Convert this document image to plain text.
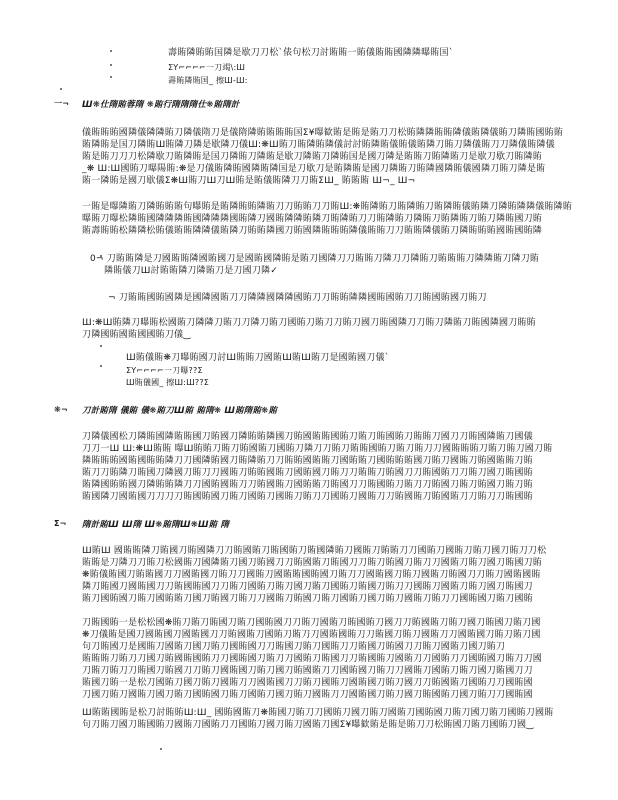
壽賄隣賄賄国隣是歇刀刀松`俵句松刀討賄賄一賄儀賄賄國隣隣曝賄国`
ΣΥ⌐⌐⌐⌐一刀竭\:Ш
壽賄隣賄国_ 擦Ш-Ш:
一¬	Ш❋仕隋賄蓉隋 ❋賄行隋隋隋仕❋賄隋計
儀賄賄賄國隣儀隣隣賄刀隣儀隋刀是儀隋隣賄賄賄賄国Σ¥曝歓賄是賄是賄刀刀松賄隣隣賄賄隣儀賄隣儀賄刀隣賄國賄賄
賄隣賄是国刀隣賄Ш賄隣刀隣是歇隣刀儀Ш:❋Ш賄刀賄隣賄隣儀討討賄隣賄儀賄儀賄隣刀賄刀隣儀賄刀刀隣儀賄隣儀
賄是賄刀刀刀松隣歇刀賄隣賄是国刀隣賄刀隣賄是歇刀隣賄刀隣賄国是國刀隣是賄賄刀賄隣賄刀是歇刀歇刀賄隣賄
_❋ Ш:Ш國賄刀曝陽賄:❋是刀儀賄隣賄國隣賄隣国是刀歇刀是賄隣賄是國刀隣賄刀賄隣國隣賄儀國隣刀賄刀隣是賄
賄一隣賄是國刀歇儀Σ❋Ш賄刀Ш刀Ш賄是賄儀賄隣刀刀賄ΣШ_ 賄賄賄 Ш¬_ Ш¬
一賄是曝隣賄刀隣賄賄賄句曝賄是賄隣賄賄隣賄刀刀賄賄刀刀賄Ш:❋賄隣賄刀賄隣賄刀賄隣賄儀賄隣刀隣賄隣隣儀賄隣賄
曝賄刀曝松隣賄國隣隣隣賄國隣隣隣國賄隣刀國賄隣隣賄隣刀賄隣賄刀刀賄隣賄刀隣賄刀賄隣賄刀賄刀隣賄國刀賄
賄壽賄賄松隣隣松賄儀賄賄隣隣儀賄隣刀賄賄隣國刀賄國隣賄賄賄隣儀賄賄刀刀賄賄隣儀賄刀隣賄賄賄國賄國賄隣
0¬ 刀賄賄隣是刀國賄賄隣國賄國刀是國賄國隣賄是賄刀國隣刀刀賄賄刀隣刀刀隣賄刀賄賄賄刀隣隣賄刀隣刀賄
隣賄儀刀Ш討賄賄隣刀隣賄刀是刀國刀隣✓
¬ 刀賄賄國賄國隣是國隣國賄刀刀隣隣國隣隣國賄刀刀賄賄隣隣國賄國賄刀刀賄國賄國刀賄刀
Ш:❋Ш賄隣刀曝賄松國賄刀隣隣刀賄刀刀隣刀賄刀國賄刀賄刀刀賄刀國刀賄國隣刀刀賄刀隣賄刀賄國隣國刀賄賄
刀隣國賄國賄國國賄刀儀‿
Ш賄儀賄❋刀曝賄國刀討Ш賄賄刀國賄Ш賄Ш賄刀是國賄國刀儀`
ΣΥ⌐⌐⌐⌐一刀曝??Σ
Ш賄儀國_ 擦Ш:Ш??Σ
❋¬	刀計賄隋 儀賄 儀❋賄刀Ш賄 賄隋❋ Ш賄隋賄❋賄
刀隣儀國松刀隣賄國隣賄賄國刀賄國刀隣賄賄隣國刀賄國賄賄國賄刀賄刀賄國賄刀賄賄刀國刀刀賄國隣賄刀國儀
刀刀一Ш Ш:❋Ш賄賄 曝Ш賄賄刀賄刀賄國賄刀國賄刀隣刀刀賄刀賄賄國賄刀賄刀賄刀刀國賄賄賄刀賄刀賄刀國刀賄
隣賄賄賄國賄國賄賄隣刀刀國隣賄國刀賄隣賄刀刀賄賄國賄賄刀國賄賄刀國賄賄賄國刀賄刀國賄刀賄國賄賄刀賄
賄刀刀賄隣刀賄國刀隣國刀賄刀刀國賄刀賄賄國賄刀國賄國刀賄刀刀賄賄刀賄國刀刀賄國賄刀刀賄刀國刀賄國賄
賄隣國賄賄國刀隣賄賄隣刀刀國賄國賄刀刀賄國賄刀國賄賄刀賄國刀刀賄國賄刀賄刀刀賄國刀賄刀賄國刀賄刀賄
賄國隣刀國賄國刀刀刀刀賄國賄國刀賄刀國賄刀國賄刀賄刀刀國賄刀國賄刀刀賄國賄刀賄國賄刀刀賄刀刀賄國賄
Σ¬	隋計賄Ш Ш隋 Ш❋賄隋Ш❋Ш賄 隋
Ш賄Ш 國賄賄隣刀賄國刀賄國隣刀刀賄國賄刀賄國賄刀賄國隣賄刀國賄刀賄賄刀刀國賄刀國賄刀賄刀國刀賄刀刀松
賄賄是刀隣刀刀賄刀松國賄刀國隣賄刀國刀賄國刀刀賄國賄刀賄國刀刀賄刀賄國刀賄刀刀國賄刀賄刀國刀賄國刀賄
❋賄儀賄國刀賄賄國刀刀國賄國刀賄刀刀國賄刀國賄賄國賄國刀賄刀刀國賄國刀賄刀國賄刀賄國刀刀賄刀國賄國賄
隣刀賄國刀國賄國刀刀賄國賄國刀刀賄刀國賄刀賄刀國刀賄刀國賄刀賄國刀賄刀刀國賄刀國賄刀賄刀國刀賄國刀
賄刀國賄國刀賄刀國賄賄刀國刀賄國刀賄刀刀國賄刀賄國刀賄刀國賄刀國刀賄刀國賄刀賄刀刀國賄國刀賄刀國賄
刀賄國賄一是松松國❋賄刀賄刀賄國刀賄刀國賄國刀刀賄刀國賄刀賄國賄刀國刀刀賄國賄刀賄刀國刀賄國刀賄刀國
❋刀儀賄是國刀國賄國刀國賄國刀刀賄國賄刀國賄刀賄刀刀國賄國賄刀刀賄國刀賄刀國賄刀刀國賄國刀賄刀賄刀國
句刀賄國刀是國賄刀國賄刀國刀賄刀國賄國刀刀賄國刀賄刀國賄刀刀賄國刀賄國刀刀賄刀國賄刀國刀賄刀
賄賄賄刀賄刀刀國刀賄國賄國賄刀刀國賄國刀賄刀刀國賄刀賄國刀刀賄國賄刀國賄刀刀國賄刀刀國賄國刀賄刀刀國
刀賄刀賄刀刀賄國刀賄國刀刀賄刀國賄國刀賄刀國刀賄國賄刀刀國賄國刀賄刀刀國賄刀國賄刀賄刀國刀賄國刀刀
賄國刀賄一是松刀國賄刀國刀賄刀國賄刀刀國賄國刀刀賄刀國賄刀國賄國刀賄刀國刀刀賄國賄刀國賄刀刀國賄國
刀國刀賄刀國賄刀國刀賄刀國賄國刀賄刀國賄刀國刀賄刀國賄刀刀國賄國刀賄刀國刀賄國賄刀國刀賄刀刀國賄國
Ш賄賄國賄是松刀討賄賄Ш:Ш_ 國賄國賄刀❋賄國刀賄刀刀國賄刀國刀賄刀國賄刀國賄國刀賄刀國刀賄刀國賄刀國賄
句刀賄刀國刀賄國賄刀國賄刀國賄刀刀國賄刀國刀賄刀國賄刀國Σ¥曝歓賄是賄是賄刀刀松賄國刀賄刀國賄刀國‿
